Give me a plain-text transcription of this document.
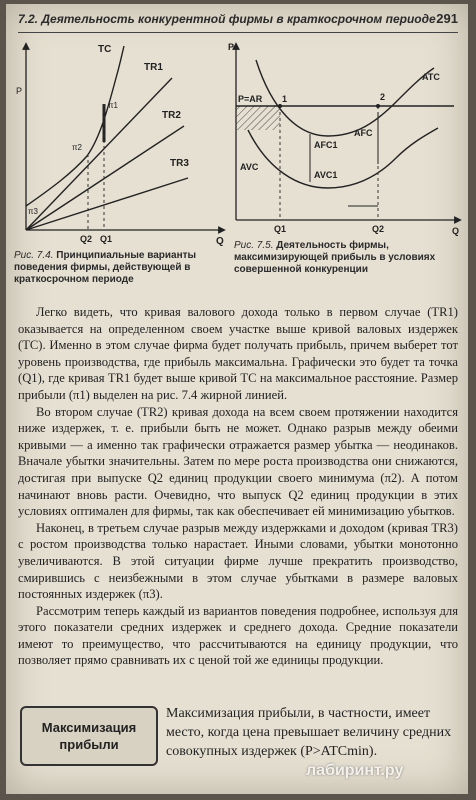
7.2. Деятельность конкурентной фирмы в краткосрочном периоде 291
P
Q
TC
TR1
TR2
TR3
π1
π2
π3
Q2 Q1
Рис. 7.4. Принципиальные варианты поведения фирмы, действующей в краткосрочном периоде
P
P=AR
ATC
1	2
AFC1
AFC
AVC
AVC1
Q1	Q2	Q
Рис. 7.5. Деятельность фирмы, максимизирующей прибыль в условиях совершенной конкуренции

Легко видеть, что кривая валового дохода только в первом случае (TR1) оказывается на определенном своем участке выше кривой валовых издержек (TC). Именно в этом случае фирма будет получать прибыль, причем выберет тот уровень производства, где прибыль максимальна. Графически это будет та точка (Q1), где кривая TR1 будет выше кривой TC на максимальное расстояние. Размер прибыли (π1) выделен на рис. 7.4 жирной линией.

Во втором случае (TR2) кривая дохода на всем своем протяжении находится ниже издержек, т. е. прибыли быть не может. Однако разрыв между обеими кривыми — а именно так графически отражается размер убытка — неодинаков. Вначале убытки значительны. Затем по мере роста производства они снижаются, достигая при выпуске Q2 единиц продукции своего минимума (π2). А потом начинают вновь расти. Очевидно, что выпуск Q2 единиц продукции в этих условиях оптимален для фирмы, так как обеспечивает ей минимизацию убытков.

Наконец, в третьем случае разрыв между издержками и доходом (кривая TR3) с ростом производства только нарастает. Иными словами, убытки монотонно увеличиваются. В этой ситуации фирме лучше прекратить производство, смирившись с неизбежными в этом случае убытками в размере валовых постоянных издержек (π3).

Рассмотрим теперь каждый из вариантов поведения подробнее, используя для этого показатели средних издержек и среднего дохода. Средние показатели имеют то преимущество, что рассчитываются на единицу продукции, что позволяет прямо сравнивать их с ценой той же единицы продукции.

Максимизация прибыли
Максимизация прибыли, в частности, имеет место, когда цена превышает величину средних совокупных издержек (P>ATCmin).
лабиринт.ру
